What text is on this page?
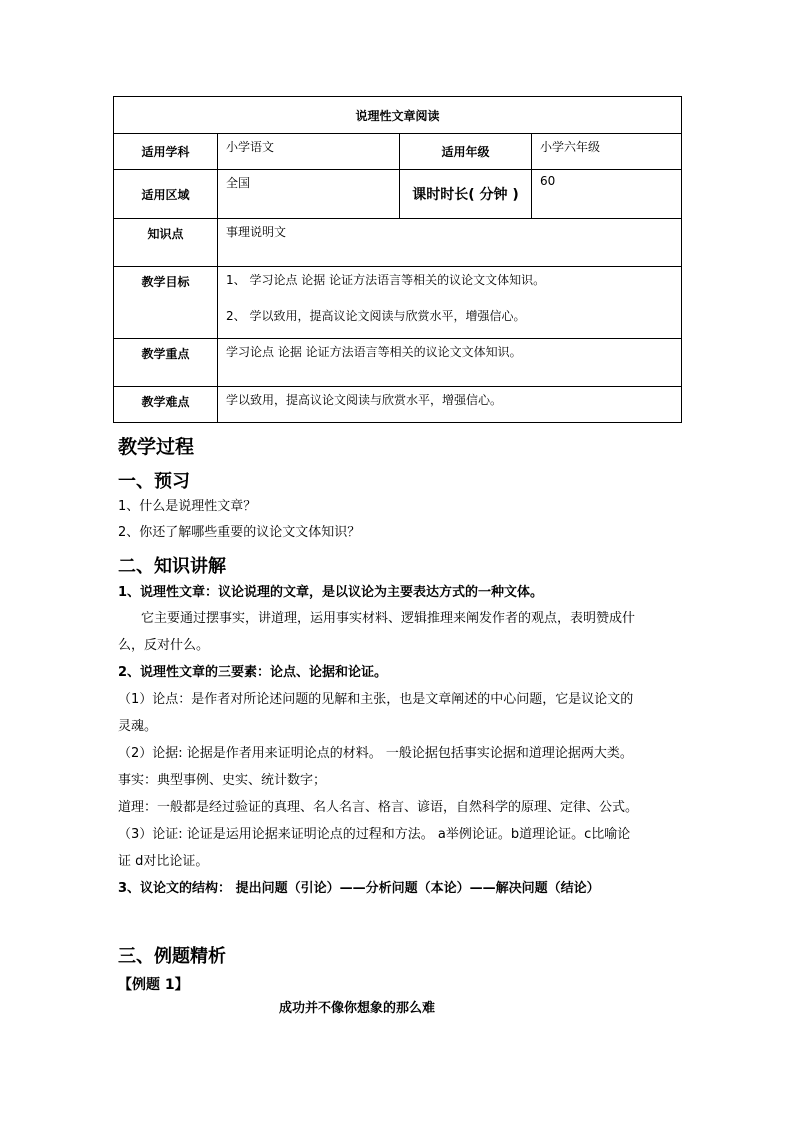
说理性文章阅读			
适用学科	小学语文	适用年级	小学六年级
适用区域	全国	课时时长( 分钟 )	60
知识点	事理说明文		
教学目标	1、 学习论点 论据 论证方法语言等相关的议论文文体知识。

2、 学以致用，提高议论文阅读与欣赏水平，增强信心。		

教学重点	学习论点 论据 论证方法语言等相关的议论文文体知识。		
教学难点	学以致用，提高议论文阅读与欣赏水平，增强信心。		
教学过程
一、预习
1、什么是说理性文章？
2、你还了解哪些重要的议论文文体知识？
二、知识讲解
1、说理性文章：议论说理的文章，是以议论为主要表达方式的一种文体。
它主要通过摆事实，讲道理，运用事实材料、逻辑推理来阐发作者的观点，表明赞成什
么，反对什么。
2、说理性文章的三要素：论点、论据和论证。
（1）论点：是作者对所论述问题的见解和主张，也是文章阐述的中心问题，它是议论文的
灵魂。
（2）论据: 论据是作者用来证明论点的材料。 一般论据包括事实论据和道理论据两大类。
事实：典型事例、史实、统计数字；
道理：一般都是经过验证的真理、名人名言、格言、谚语，自然科学的原理、定律、公式。
（3）论证: 论证是运用论据来证明论点的过程和方法。 a举例论证。b道理论证。c比喻论
证 d对比论证。
3、议论文的结构： 提出问题（引论）——分析问题（本论）——解决问题（结论）
三、例题精析
【例题 1】
成功并不像你想象的那么难
